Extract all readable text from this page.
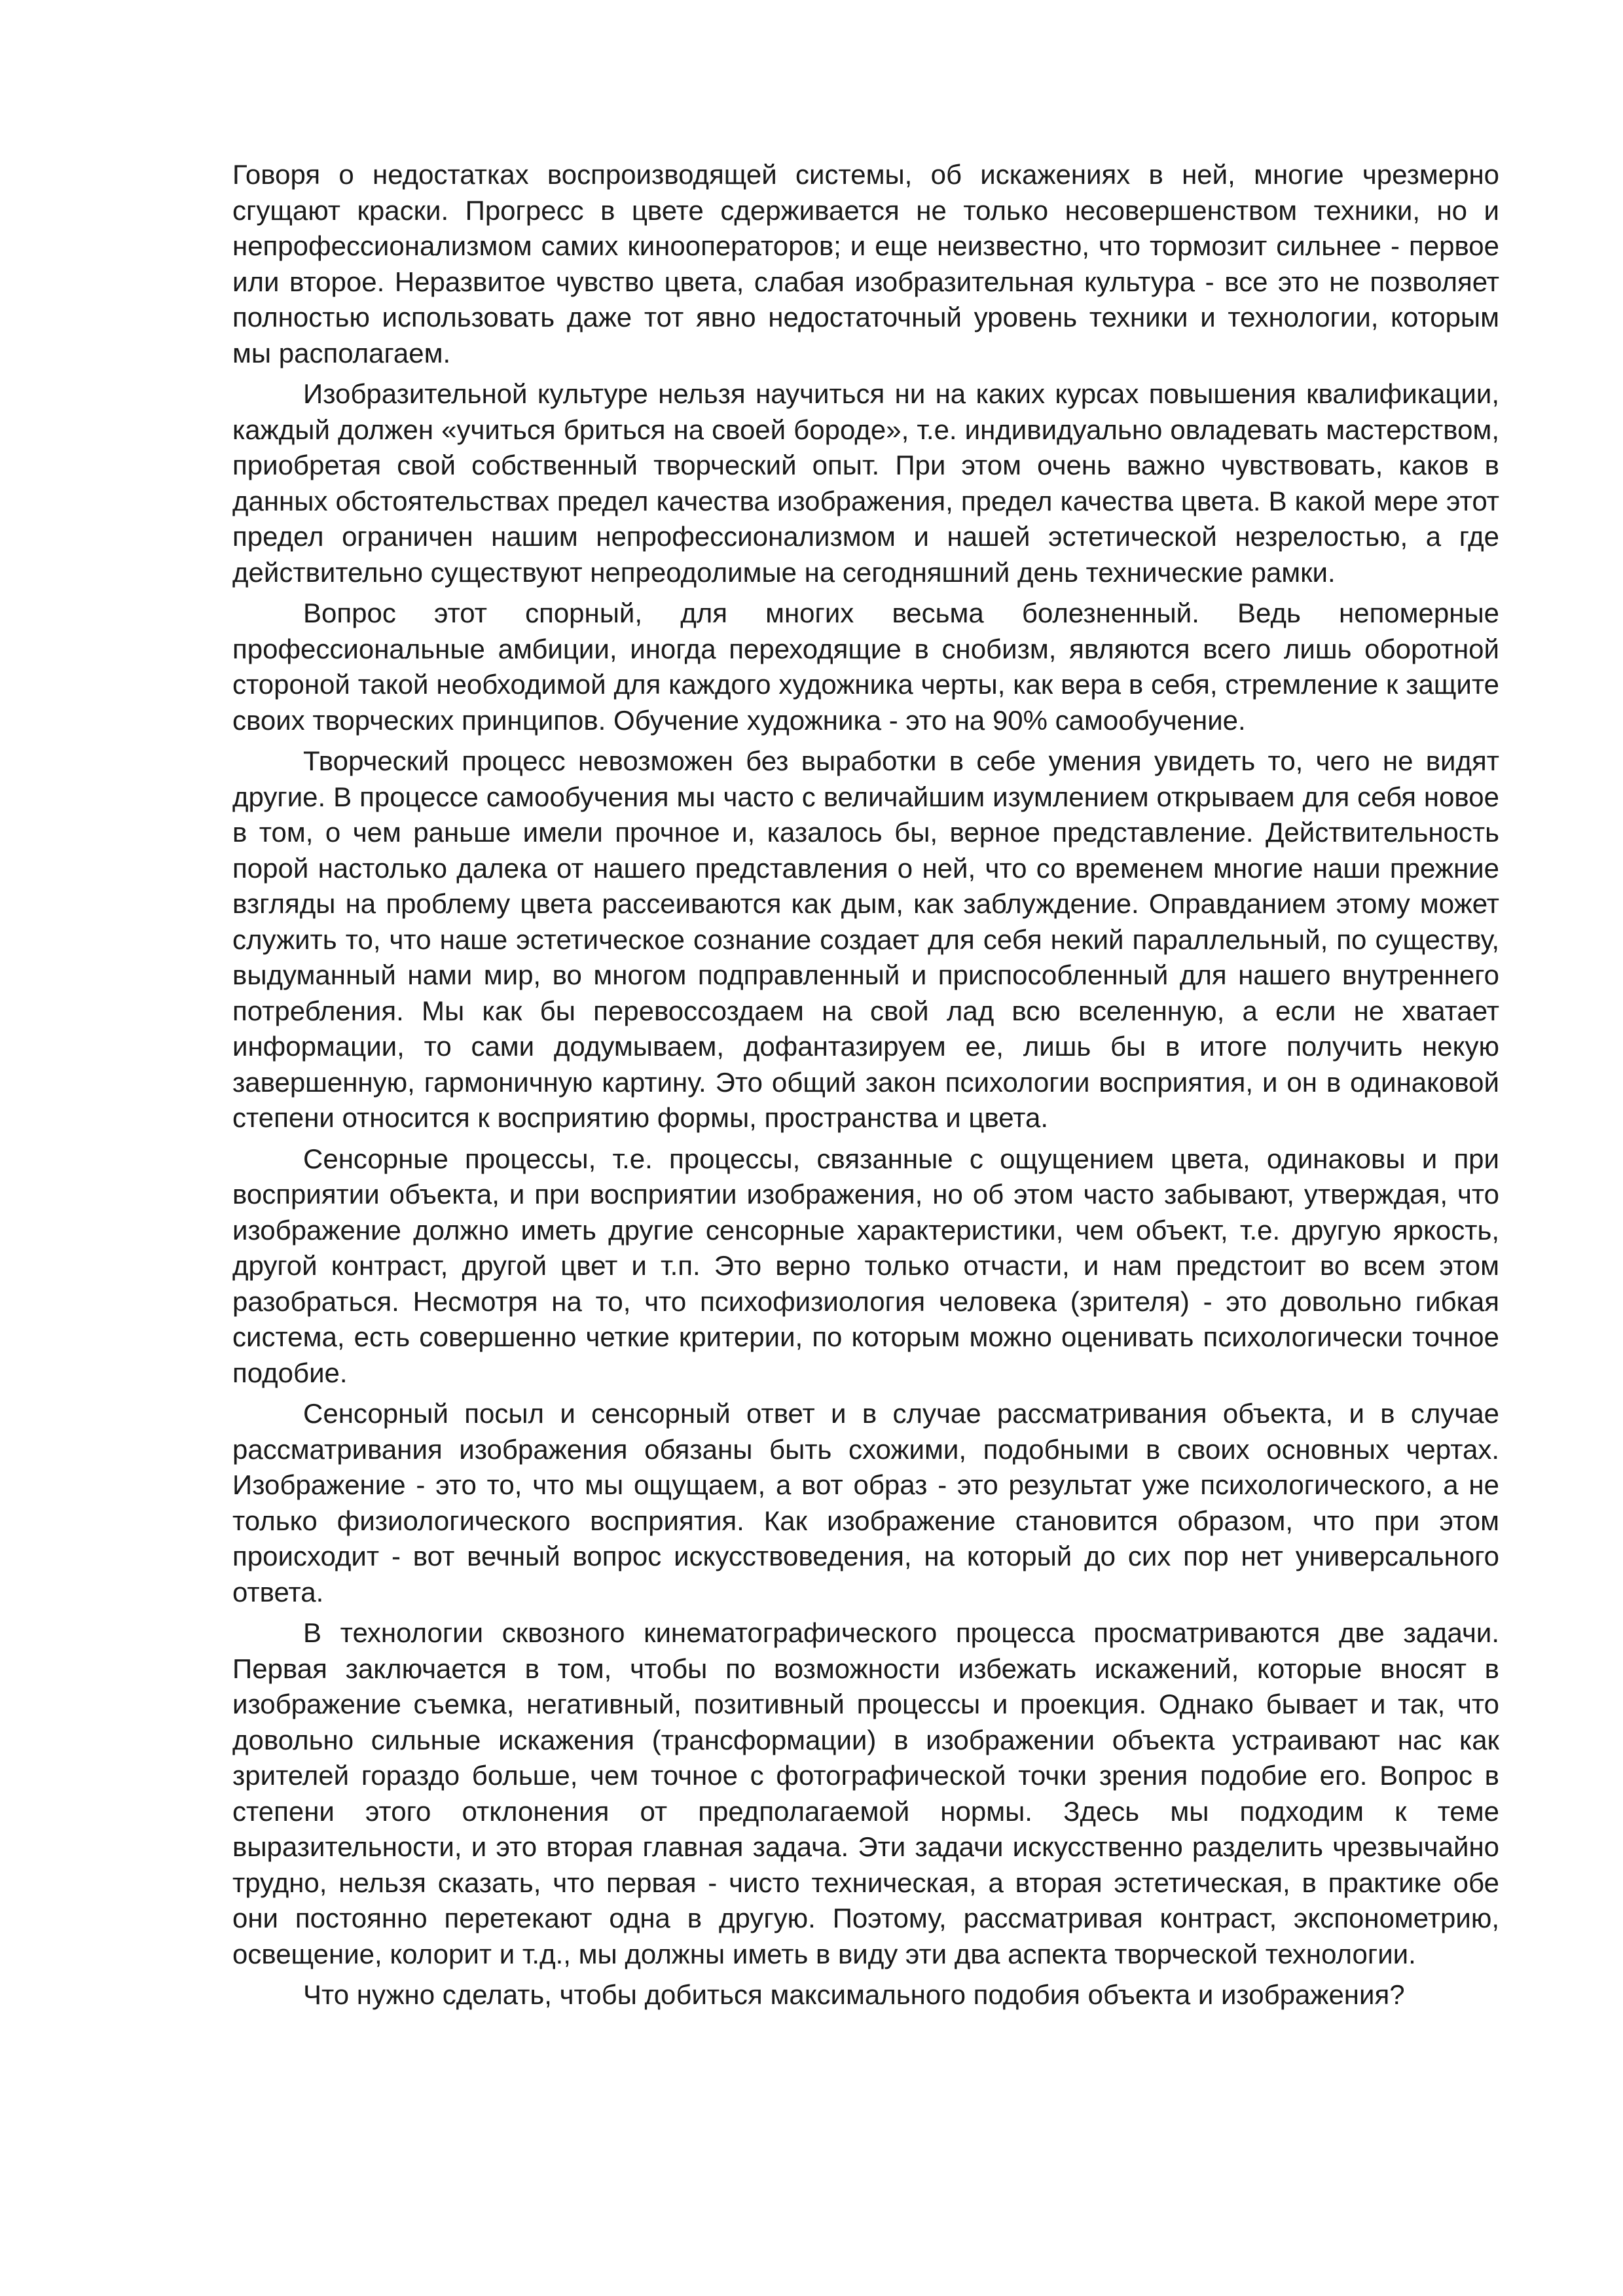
Говоря о недостатках воспроизводящей системы, об искажениях в ней, многие чрезмерно сгущают краски. Прогресс в цвете сдерживается не только несовершенством техники, но и непрофессионализмом самих кинооператоров; и еще неизвестно, что тормозит сильнее - первое или второе. Неразвитое чувство цвета, слабая изобразительная культура - все это не позволяет полностью использовать даже тот явно недостаточный уровень техники и технологии, которым мы располагаем.

Изобразительной культуре нельзя научиться ни на каких курсах повышения квалификации, каждый должен «учиться бриться на своей бороде», т.е. индивидуально овладевать мастерством, приобретая свой собственный творческий опыт. При этом очень важно чувствовать, каков в данных обстоятельствах предел качества изображения, предел качества цвета. В какой мере этот предел ограничен нашим непрофессионализмом и нашей эстетической незрелостью, а где действительно существуют непреодолимые на сегодняшний день технические рамки.

Вопрос этот спорный, для многих весьма болезненный. Ведь непомерные профессиональные амбиции, иногда переходящие в снобизм, являются всего лишь оборотной стороной такой необходимой для каждого художника черты, как вера в себя, стремление к защите своих творческих принципов. Обучение художника - это на 90% самообучение.

Творческий процесс невозможен без выработки в себе умения увидеть то, чего не видят другие. В процессе самообучения мы часто с величайшим изумлением открываем для себя новое в том, о чем раньше имели прочное и, казалось бы, верное представление. Действительность порой настолько далека от нашего представления о ней, что со временем многие наши прежние взгляды на проблему цвета рассеиваются как дым, как заблуждение. Оправданием этому может служить то, что наше эстетическое сознание создает для себя некий параллельный, по существу, выдуманный нами мир, во многом подправленный и приспособленный для нашего внутреннего потребления. Мы как бы перевоссоздаем на свой лад всю вселенную, а если не хватает информации, то сами додумываем, дофантазируем ее, лишь бы в итоге получить некую завершенную, гармоничную картину. Это общий закон психологии восприятия, и он в одинаковой степени относится к восприятию формы, пространства и цвета.

Сенсорные процессы, т.е. процессы, связанные с ощущением цвета, одинаковы и при восприятии объекта, и при восприятии изображения, но об этом часто забывают, утверждая, что изображение должно иметь другие сенсорные характеристики, чем объект, т.е. другую яркость, другой контраст, другой цвет и т.п. Это верно только отчасти, и нам предстоит во всем этом разобраться. Несмотря на то, что психофизиология человека (зрителя) - это довольно гибкая система, есть совершенно четкие критерии, по которым можно оценивать психологически точное подобие.

Сенсорный посыл и сенсорный ответ и в случае рассматривания объекта, и в случае рассматривания изображения обязаны быть схожими, подобными в своих основных чертах. Изображение - это то, что мы ощущаем, а вот образ - это результат уже психологического, а не только физиологического восприятия. Как изображение становится образом, что при этом происходит - вот вечный вопрос искусствоведения, на который до сих пор нет универсального ответа.

В технологии сквозного кинематографического процесса просматриваются две задачи. Первая заключается в том, чтобы по возможности избежать искажений, которые вносят в изображение съемка, негативный, позитивный процессы и проекция. Однако бывает и так, что довольно сильные искажения (трансформации) в изображении объекта устраивают нас как зрителей гораздо больше, чем точное с фотографической точки зрения подобие его. Вопрос в степени этого отклонения от предполагаемой нормы. Здесь мы подходим к теме выразительности, и это вторая главная задача. Эти задачи искусственно разделить чрезвычайно трудно, нельзя сказать, что первая - чисто техническая, а вторая эстетическая, в практике обе они постоянно перетекают одна в другую. Поэтому, рассматривая контраст, экспонометрию, освещение, колорит и т.д., мы должны иметь в виду эти два аспекта творческой технологии.

Что нужно сделать, чтобы добиться максимального подобия объекта и изображения?
